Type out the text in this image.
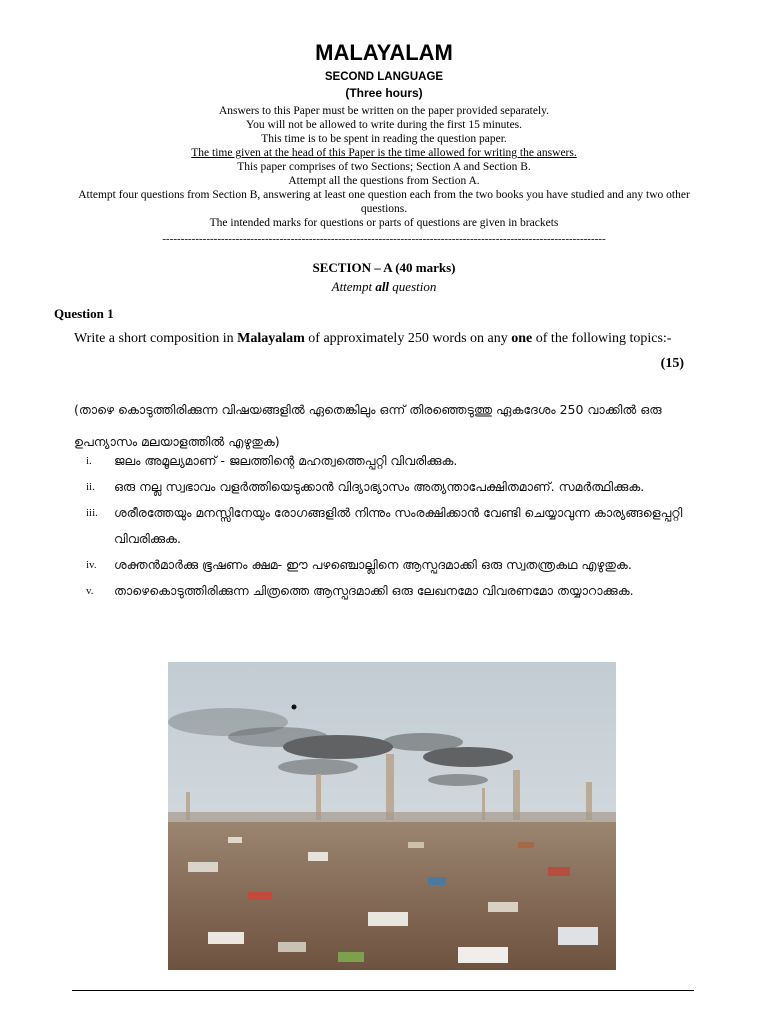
MALAYALAM
SECOND LANGUAGE
(Three hours)
Answers to this Paper must be written on the paper provided separately.
You will not be allowed to write during the first 15 minutes.
This time is to be spent in reading the question paper.
The time given at the head of this Paper is the time allowed for writing the answers.
This paper comprises of two Sections; Section A and Section B.
Attempt all the questions from Section A.
Attempt four questions from Section B, answering at least one question each from the two books you have studied and any two other questions.
The intended marks for questions or parts of questions are given in brackets
-------------------------------------------------------------------------------------------------------------------------
SECTION – A (40 marks)
Attempt all question
Question 1
Write a short composition in Malayalam of approximately 250 words on any one of the following topics:-
(15)
(താഴെ കൊടുത്തിരിക്കുന്ന വിഷയങ്ങളിൽ ഏതെങ്കിലും ഒന്ന് തിരഞ്ഞെടുത്തു ഏകദേശം 250 വാക്കിൽ ഒരു ഉപന്യാസം മലയാളത്തിൽ എഴുതുക)
i.	ജലം അമൂല്യമാണ് - ജലത്തിന്റെ മഹത്വത്തെപ്പറ്റി വിവരിക്കുക.
ii.	ഒരു നല്ല സ്വഭാവം വളർത്തിയെടുക്കാൻ വിദ്യാഭ്യാസം അത്യന്താപേക്ഷിതമാണ്. സമർത്ഥിക്കുക.
iii.	ശരീരത്തേയും മനസ്സിനേയും രോഗങ്ങളിൽ നിന്നും സംരക്ഷിക്കാൻ വേണ്ടി ചെയ്യാവുന്ന കാര്യങ്ങളെപ്പറ്റി വിവരിക്കുക.
iv.	ശക്തൻമാർക്കു ഭൂഷണം ക്ഷമ- ഈ പഴഞ്ചൊല്ലിനെ ആസ്പദമാക്കി ഒരു സ്വതന്ത്രകഥ എഴുതുക.
v.	താഴെകൊടുത്തിരിക്കുന്ന ചിത്രത്തെ ആസ്പദമാക്കി ഒരു ലേഖനമോ വിവരണമോ തയ്യാറാക്കുക.
